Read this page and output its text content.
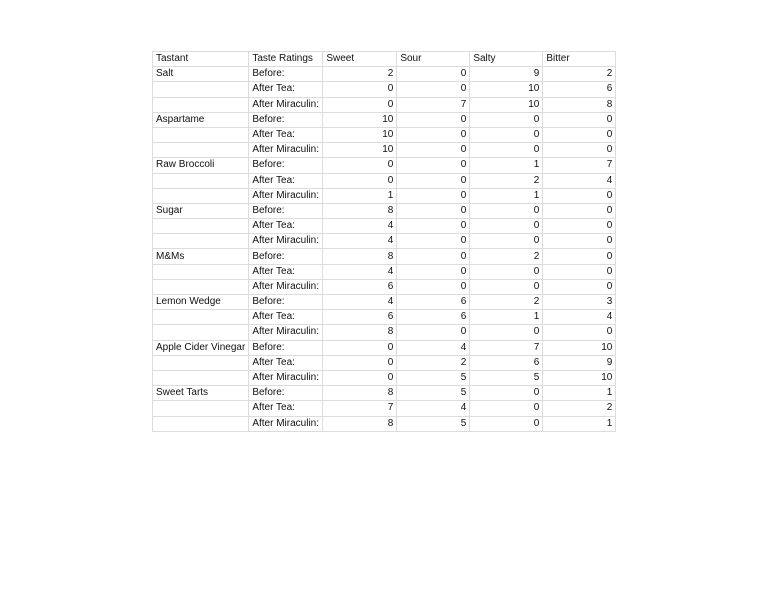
Tastant	Taste Ratings	Sweet	Sour	Salty	Bitter
Salt	Before:	2	0	9	2
	After Tea:	0	0	10	6
	After Miraculin:	0	7	10	8
Aspartame	Before:	10	0	0	0
	After Tea:	10	0	0	0
	After Miraculin:	10	0	0	0
Raw Broccoli	Before:	0	0	1	7
	After Tea:	0	0	2	4
	After Miraculin:	1	0	1	0
Sugar	Before:	8	0	0	0
	After Tea:	4	0	0	0
	After Miraculin:	4	0	0	0
M&Ms	Before:	8	0	2	0
	After Tea:	4	0	0	0
	After Miraculin:	6	0	0	0
Lemon Wedge	Before:	4	6	2	3
	After Tea:	6	6	1	4
	After Miraculin:	8	0	0	0
Apple Cider Vinegar	Before:	0	4	7	10
	After Tea:	0	2	6	9
	After Miraculin:	0	5	5	10
Sweet Tarts	Before:	8	5	0	1
	After Tea:	7	4	0	2
	After Miraculin:	8	5	0	1
